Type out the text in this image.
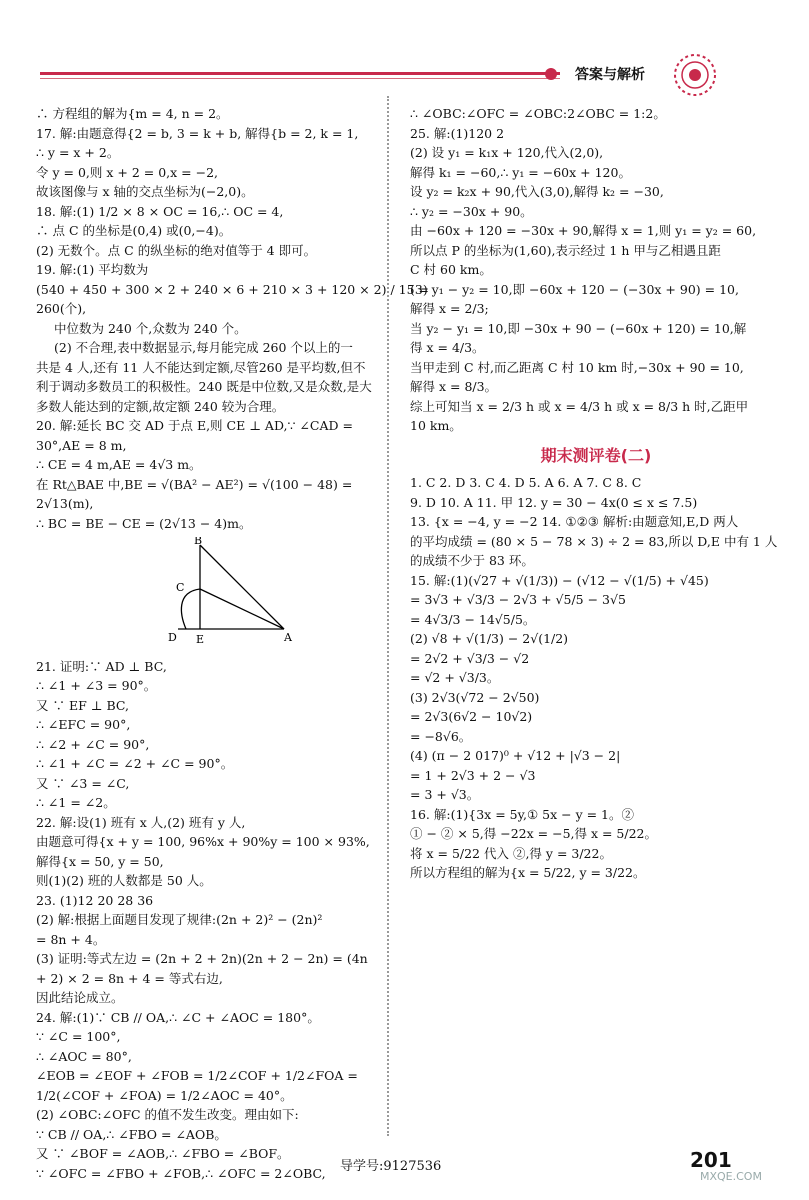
答案与解析
∴ 方程组的解为{m = 4, n = 2。
17. 解:由题意得{2 = b, 3 = k + b, 解得{b = 2, k = 1,
∴ y = x + 2。
令 y = 0,则 x + 2 = 0,x = −2,
故该图像与 x 轴的交点坐标为(−2,0)。
18. 解:(1) 1/2 × 8 × OC = 16,∴ OC = 4,
∴ 点 C 的坐标是(0,4) 或(0,−4)。
(2) 无数个。点 C 的纵坐标的绝对值等于 4 即可。
19. 解:(1) 平均数为
(540 + 450 + 300 × 2 + 240 × 6 + 210 × 3 + 120 × 2) / 15 =
260(个),
中位数为 240 个,众数为 240 个。
(2) 不合理,表中数据显示,每月能完成 260 个以上的一
共是 4 人,还有 11 人不能达到定额,尽管260 是平均数,但不
利于调动多数员工的积极性。240 既是中位数,又是众数,是大
多数人能达到的定额,故定额 240 较为合理。
20. 解:延长 BC 交 AD 于点 E,则 CE ⊥ AD,∵ ∠CAD =
30°,AE = 8 m,
∴ CE = 4 m,AE = 4√3 m。
在 Rt△BAE 中,BE = √(BA² − AE²) = √(100 − 48) =
2√13(m),
∴ BC = BE − CE = (2√13 − 4)m。
B
C
D E	A
21. 证明:∵ AD ⊥ BC,
∴ ∠1 + ∠3 = 90°。
又 ∵ EF ⊥ BC,
∴ ∠EFC = 90°,
∴ ∠2 + ∠C = 90°,
∴ ∠1 + ∠C = ∠2 + ∠C = 90°。
又 ∵ ∠3 = ∠C,
∴ ∠1 = ∠2。
22. 解:设(1) 班有 x 人,(2) 班有 y 人,
由题意可得{x + y = 100, 96%x + 90%y = 100 × 93%,
解得{x = 50, y = 50,
则(1)(2) 班的人数都是 50 人。
23. (1)12 20 28 36
(2) 解:根据上面题目发现了规律:(2n + 2)² − (2n)²
= 8n + 4。
(3) 证明:等式左边 = (2n + 2 + 2n)(2n + 2 − 2n) = (4n
+ 2) × 2 = 8n + 4 = 等式右边,
因此结论成立。
24. 解:(1)∵ CB // OA,∴ ∠C + ∠AOC = 180°。
∵ ∠C = 100°,
∴ ∠AOC = 80°,
∠EOB = ∠EOF + ∠FOB = 1/2∠COF + 1/2∠FOA =
1/2(∠COF + ∠FOA) = 1/2∠AOC = 40°。
(2) ∠OBC:∠OFC 的值不发生改变。理由如下:
∵ CB // OA,∴ ∠FBO = ∠AOB。
又 ∵ ∠BOF = ∠AOB,∴ ∠FBO = ∠BOF。
∵ ∠OFC = ∠FBO + ∠FOB,∴ ∠OFC = 2∠OBC,
∴ ∠OBC:∠OFC = ∠OBC:2∠OBC = 1:2。
25. 解:(1)120 2
(2) 设 y₁ = k₁x + 120,代入(2,0),
解得 k₁ = −60,∴ y₁ = −60x + 120。
设 y₂ = k₂x + 90,代入(3,0),解得 k₂ = −30,
∴ y₂ = −30x + 90。
由 −60x + 120 = −30x + 90,解得 x = 1,则 y₁ = y₂ = 60,
所以点 P 的坐标为(1,60),表示经过 1 h 甲与乙相遇且距
C 村 60 km。
(3) y₁ − y₂ = 10,即 −60x + 120 − (−30x + 90) = 10,
解得 x = 2/3;
当 y₂ − y₁ = 10,即 −30x + 90 − (−60x + 120) = 10,解
得 x = 4/3。
当甲走到 C 村,而乙距离 C 村 10 km 时,−30x + 90 = 10,
解得 x = 8/3。
综上可知当 x = 2/3 h 或 x = 4/3 h 或 x = 8/3 h 时,乙距甲
10 km。
期末测评卷(二)
1. C 2. D 3. C 4. D 5. A 6. A 7. C 8. C
9. D 10. A 11. 甲 12. y = 30 − 4x(0 ≤ x ≤ 7.5)
13. {x = −4, y = −2 14. ①②③ 解析:由题意知,E,D 两人
的平均成绩 = (80 × 5 − 78 × 3) ÷ 2 = 83,所以 D,E 中有 1 人
的成绩不少于 83 环。
15. 解:(1)(√27 + √(1/3)) − (√12 − √(1/5) + √45)
= 3√3 + √3/3 − 2√3 + √5/5 − 3√5
= 4√3/3 − 14√5/5。
(2) √8 + √(1/3) − 2√(1/2)
= 2√2 + √3/3 − √2
= √2 + √3/3。
(3) 2√3(√72 − 2√50)
= 2√3(6√2 − 10√2)
= −8√6。
(4) (π − 2 017)⁰ + √12 + |√3 − 2|
= 1 + 2√3 + 2 − √3
= 3 + √3。
16. 解:(1){3x = 5y,① 5x − y = 1。②
① − ② × 5,得 −22x = −5,得 x = 5/22。
将 x = 5/22 代入 ②,得 y = 3/22。
所以方程组的解为{x = 5/22, y = 3/22。
导学号:9127536	201
MXQE.COM
